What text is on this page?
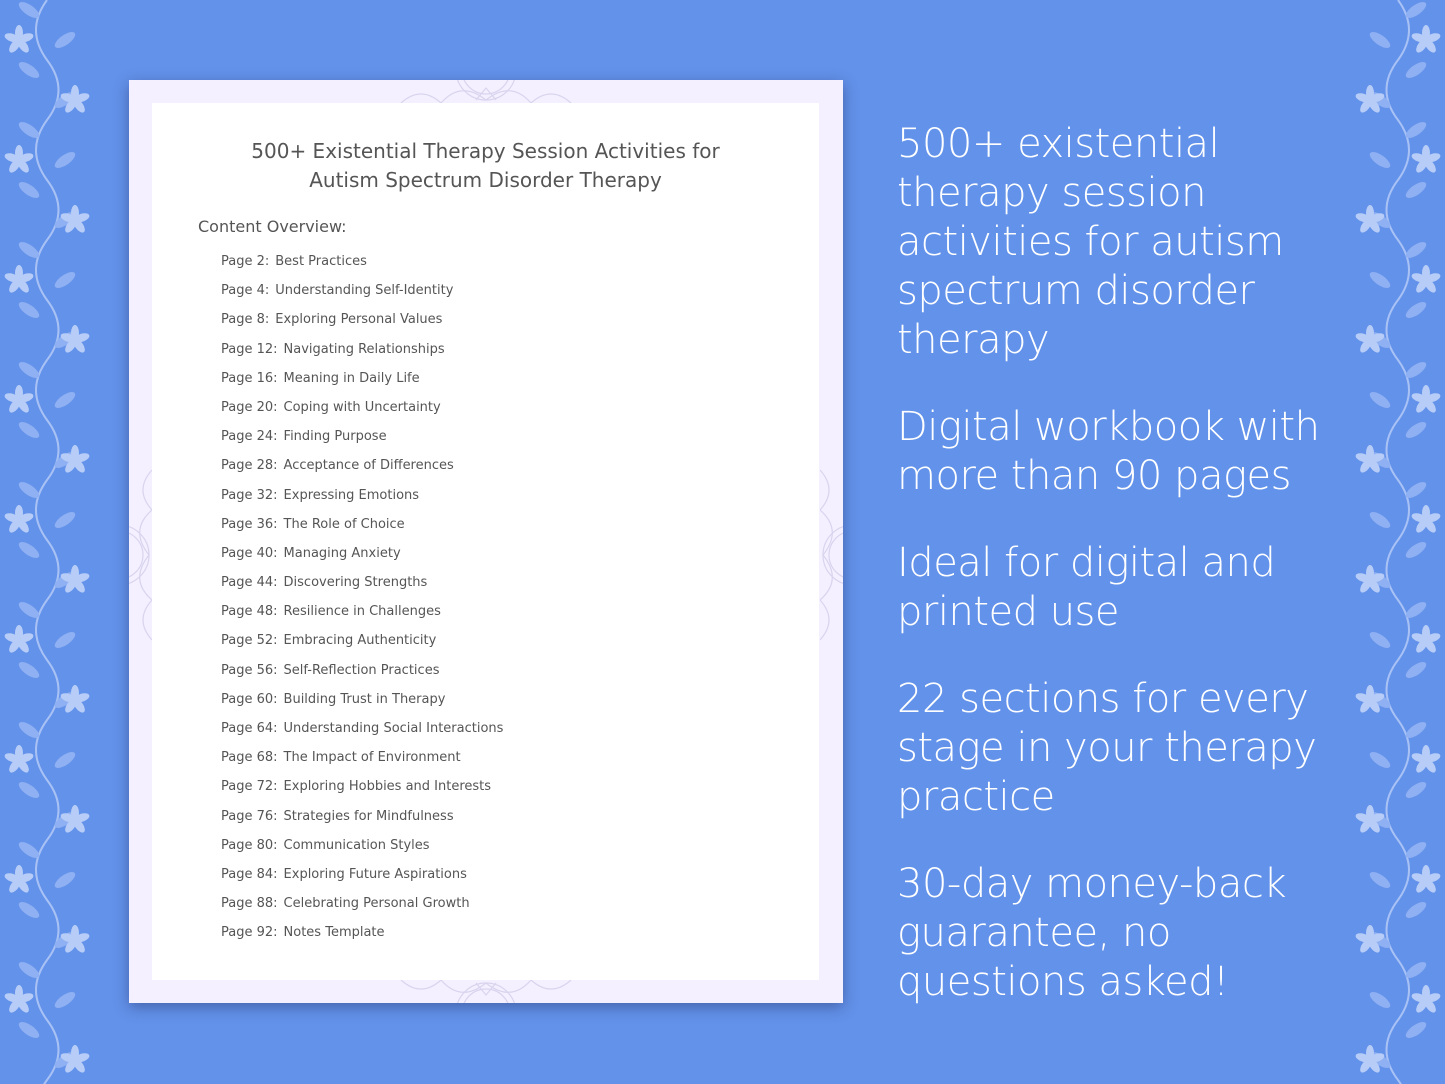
500+ Existential Therapy Session Activities for
Autism Spectrum Disorder Therapy
Content Overview:
Page 2: Best Practices
Page 4: Understanding Self-Identity
Page 8: Exploring Personal Values
Page 12: Navigating Relationships
Page 16: Meaning in Daily Life
Page 20: Coping with Uncertainty
Page 24: Finding Purpose
Page 28: Acceptance of Differences
Page 32: Expressing Emotions
Page 36: The Role of Choice
Page 40: Managing Anxiety
Page 44: Discovering Strengths
Page 48: Resilience in Challenges
Page 52: Embracing Authenticity
Page 56: Self-Reflection Practices
Page 60: Building Trust in Therapy
Page 64: Understanding Social Interactions
Page 68: The Impact of Environment
Page 72: Exploring Hobbies and Interests
Page 76: Strategies for Mindfulness
Page 80: Communication Styles
Page 84: Exploring Future Aspirations
Page 88: Celebrating Personal Growth
Page 92: Notes Template

500+ existential therapy session activities for autism spectrum disorder therapy

Digital workbook with more than 90 pages

Ideal for digital and printed use

22 sections for every stage in your therapy practice

30-day money-back guarantee, no questions asked!
